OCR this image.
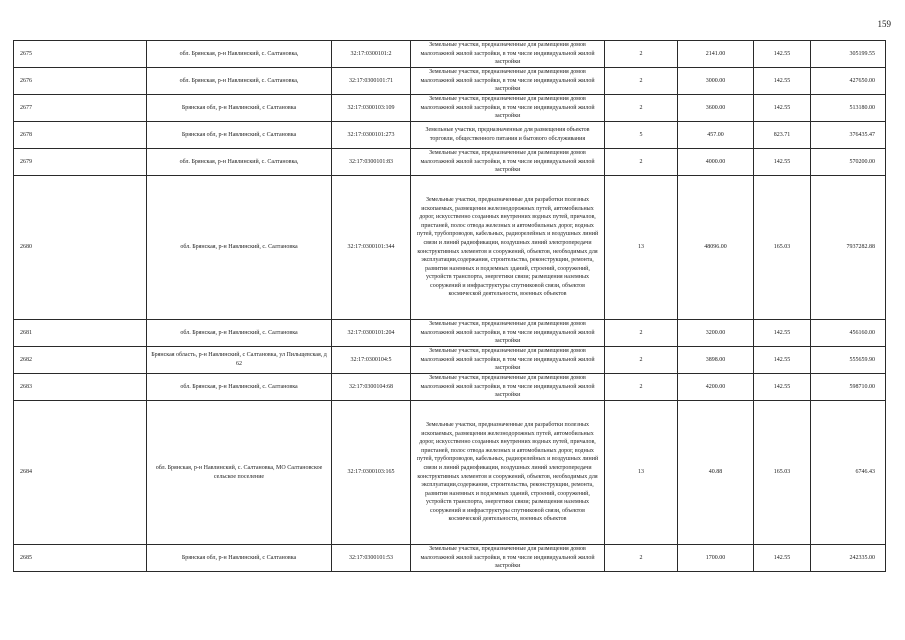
159
2675	обл. Брянская, р-н Навлинский, с. Салтановка,	32:17:0300101:2	Земельные участки, предназначенные для размещения домов малоэтажной жилой застройки, в том числе индивидуальной жилой застройки	2	2141.00	142.55	305199.55
2676	обл. Брянская, р-н Навлинский, с. Салтановка,	32:17:0300101:71	Земельные участки, предназначенные для размещения домов малоэтажной жилой застройки, в том числе индивидуальной жилой застройки	2	3000.00	142.55	427650.00
2677	Брянская обл, р-н Навлинский, с Салтановка	32:17:0300103:109	Земельные участки, предназначенные для размещения домов малоэтажной жилой застройки, в том числе индивидуальной жилой застройки	2	3600.00	142.55	513180.00
2678	Брянская обл, р-н Навлинский, с Салтановка	32:17:0300101:273	Земельные участки, предназначенные для размещения объектов торговли, общественного питания и бытового обслуживания	5	457.00	823.71	376435.47
2679	обл. Брянская, р-н Навлинский, с. Салтановка,	32:17:0300101:83	Земельные участки, предназначенные для размещения домов малоэтажной жилой застройки, в том числе индивидуальной жилой застройки	2	4000.00	142.55	570200.00
2680	обл. Брянская, р-н Навлинский, с. Салтановка	32:17:0300101:344	Земельные участки, предназначенные для разработки полезных ископаемых, размещения железнодорожных путей, автомобильных дорог, искусственно созданных внутренних водных путей, причалов, пристаней, полос отвода железных и автомобильных дорог, водных путей, трубопроводов, кабельных, радиорелейных и воздушных линий связи и линий радиофикации, воздушных линий электропередачи конструктивных элементов и сооружений, объектов, необходимых для эксплуатации,содержания, строительства, реконструкции, ремонта, развития наземных и подземных зданий, строений, сооружений, устройств транспорта, энергетики связи; размещения наземных сооружений и инфраструктуры спутниковой связи, объектов космической деятельности, военных объектов	13	48096.00	165.03	7937282.88
2681	обл. Брянская, р-н Навлинский, с. Салтановка	32:17:0300101:204	Земельные участки, предназначенные для размещения домов малоэтажной жилой застройки, в том числе индивидуальной жилой застройки	2	3200.00	142.55	456160.00
2682	Брянская область, р-н Навлинский, с Салтановка, ул Пильщевская, д 62	32:17:0300104:5	Земельные участки, предназначенные для размещения домов малоэтажной жилой застройки, в том числе индивидуальной жилой застройки	2	3898.00	142.55	555659.90
2683	обл. Брянская, р-н Навлинский, с. Салтановка	32:17:0300104:68	Земельные участки, предназначенные для размещения домов малоэтажной жилой застройки, в том числе индивидуальной жилой застройки	2	4200.00	142.55	598710.00
2684	обл. Брянская, р-н Навлинский, с. Салтановка, МО Салтановское сельское поселение	32:17:0300103:165	Земельные участки, предназначенные для разработки полезных ископаемых, размещения железнодорожных путей, автомобильных дорог, искусственно созданных внутренних водных путей, причалов, пристаней, полос отвода железных и автомобильных дорог, водных путей, трубопроводов, кабельных, радиорелейных и воздушных линий связи и линий радиофикации, воздушных линий электропередачи конструктивных элементов и сооружений, объектов, необходимых для эксплуатации,содержания, строительства, реконструкции, ремонта, развития наземных и подземных зданий, строений, сооружений, устройств транспорта, энергетики связи; размещения наземных сооружений и инфраструктуры спутниковой связи, объектов космической деятельности, военных объектов	13	40.88	165.03	6746.43
2685	Брянская обл, р-н Навлинский, с Салтановка	32:17:0300101:53	Земельные участки, предназначенные для размещения домов малоэтажной жилой застройки, в том числе индивидуальной жилой застройки	2	1700.00	142.55	242335.00
